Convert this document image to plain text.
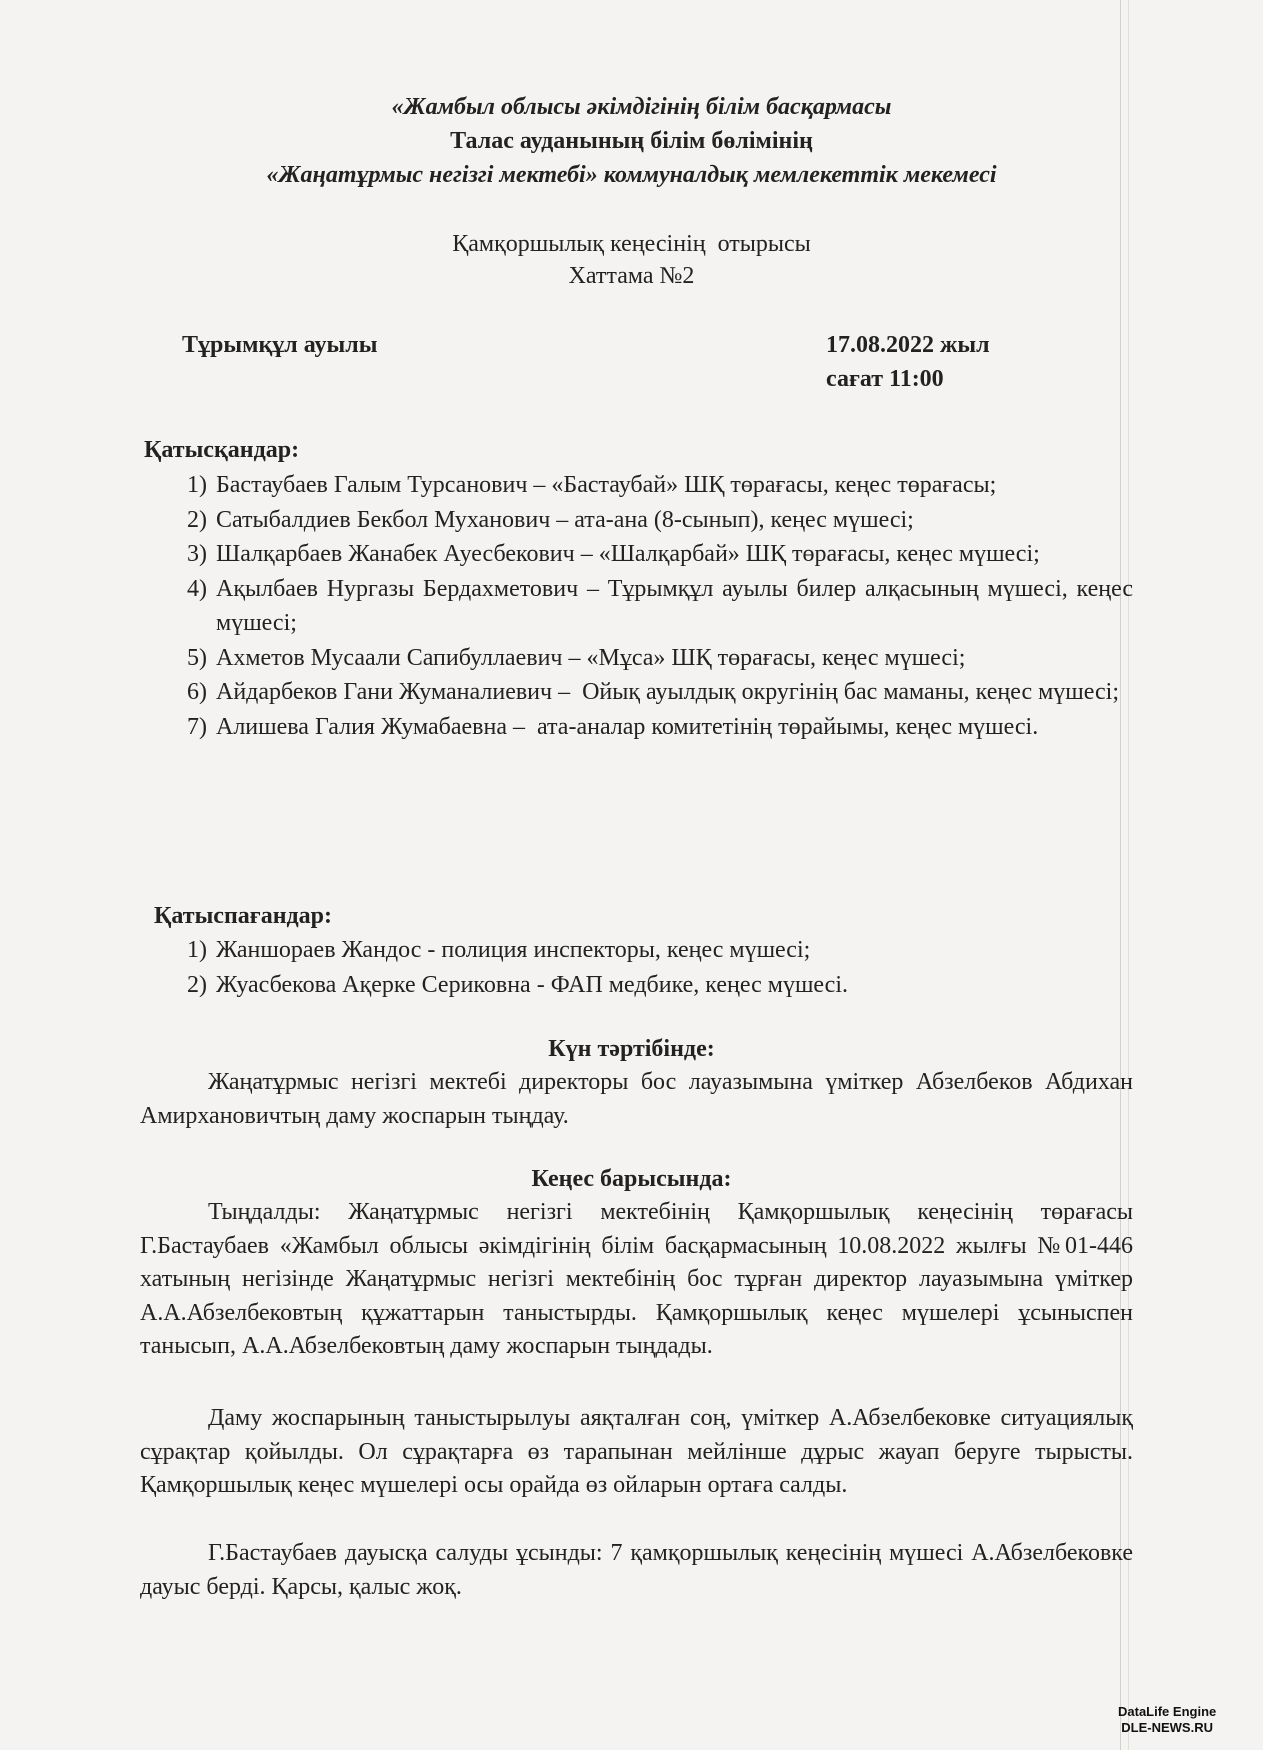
«Жамбыл облысы әкімдігінің білім басқармасы
Талас ауданының білім бөлімінің
«Жаңатұрмыс негізгі мектебі» коммуналдық мемлекеттік мекемесі
Қамқоршылық кеңесінің  отырысы
Хаттама №2
Тұрымқұл ауылы	17.08.2022 жыл
сағат 11:00
Қатысқандар:
1) Бастаубаев Галым Турсанович – «Бастаубай» ШҚ төрағасы, кеңес төрағасы;
2) Сатыбалдиев Бекбол Муханович – ата-ана (8-сынып), кеңес мүшесі;
3) Шалқарбаев Жанабек Ауесбекович – «Шалқарбай» ШҚ төрағасы, кеңес мүшесі;
4) Ақылбаев Нургазы Бердахметович – Тұрымқұл ауылы билер алқасының мүшесі, кеңес мүшесі;
5) Ахметов Мусаали Сапибуллаевич – «Мұса» ШҚ төрағасы, кеңес мүшесі;
6) Айдарбеков Гани Жуманалиевич –  Ойық ауылдық округінің бас маманы, кеңес мүшесі;
7) Алишева Галия Жумабаевна –  ата-аналар комитетінің төрайымы, кеңес мүшесі.
Қатыспағандар:
1) Жаншораев Жандос - полиция инспекторы, кеңес мүшесі;
2) Жуасбекова Ақерке Сериковна - ФАП медбике, кеңес мүшесі.
Күн тәртібінде:

Жаңатұрмыс негізгі мектебі директоры бос лауазымына үміткер Абзелбеков Абдихан Амирхановичтың даму жоспарын тыңдау.

Кеңес барысында:

Тыңдалды: Жаңатұрмыс негізгі мектебінің Қамқоршылық кеңесінің төрағасы Г.Бастаубаев «Жамбыл облысы әкімдігінің білім басқармасының 10.08.2022 жылғы №01-446 хатының негізінде Жаңатұрмыс негізгі мектебінің бос тұрған директор лауазымына үміткер А.А.Абзелбековтың құжаттарын таныстырды. Қамқоршылық кеңес мүшелері ұсыныспен танысып, А.А.Абзелбековтың даму жоспарын тыңдады.

Даму жоспарының таныстырылуы аяқталған соң, үміткер А.Абзелбековке ситуациялық сұрақтар қойылды. Ол сұрақтарға өз тарапынан мейлінше дұрыс жауап беруге тырысты. Қамқоршылық кеңес мүшелері осы орайда өз ойларын ортаға салды.

Г.Бастаубаев дауысқа салуды ұсынды: 7 қамқоршылық кеңесінің мүшесі А.Абзелбековке дауыс берді. Қарсы, қалыс жоқ.

DataLife Engine
DLE-NEWS.RU
